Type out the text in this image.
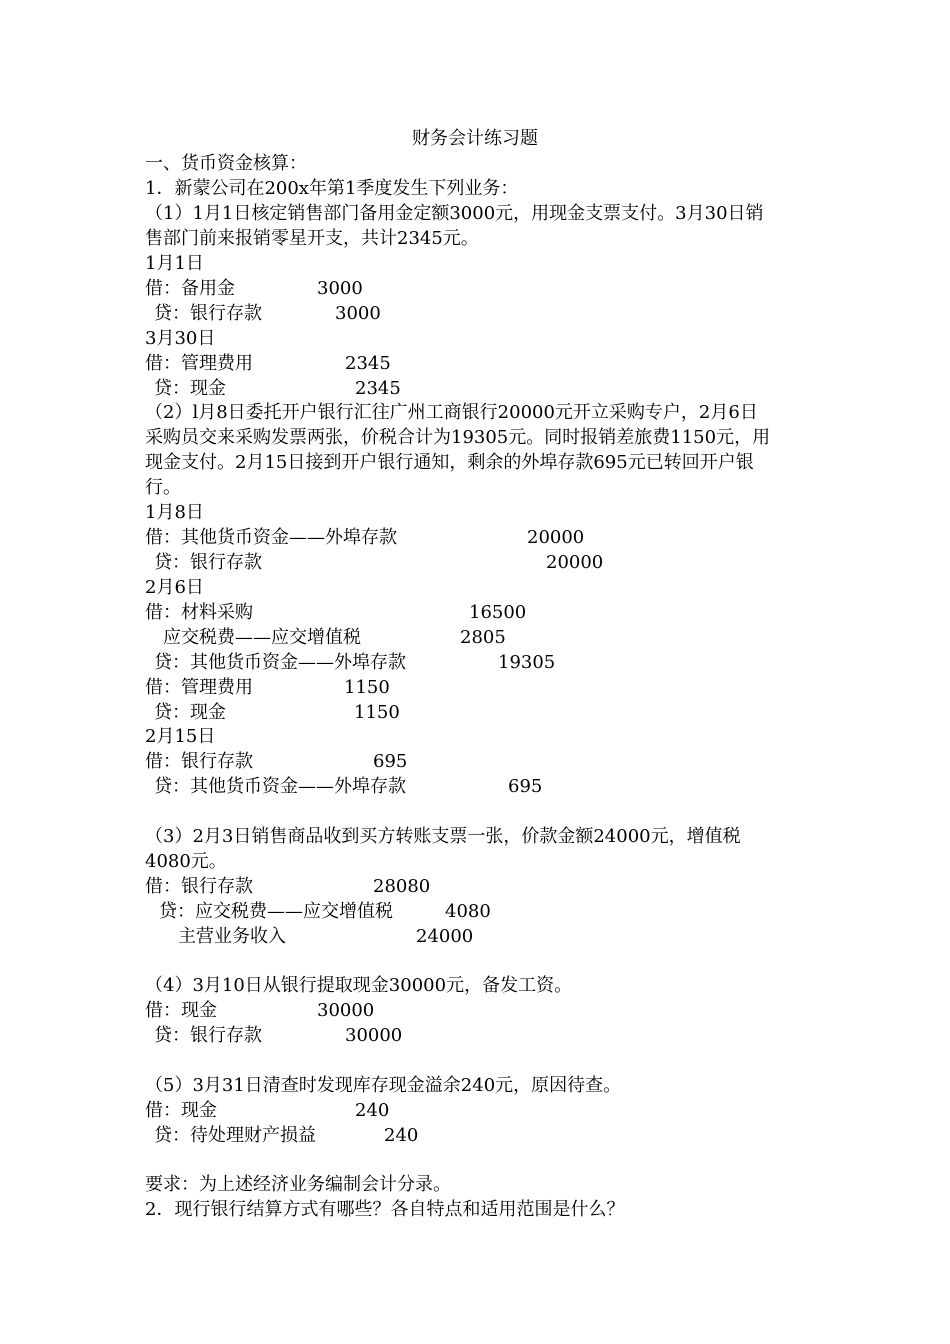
财务会计练习题
一、货币资金核算：
1．新蒙公司在200x年第1季度发生下列业务：
（1）1月1日核定销售部门备用金定额3000元，用现金支票支付。3月30日销
售部门前来报销零星开支，共计2345元。
1月1日
借：备用金	3000
贷：银行存款	3000
3月30日
借：管理费用	2345
贷：现金	2345
（2）l月8日委托开户银行汇往广州工商银行20000元开立采购专户，2月6日
采购员交来采购发票两张，价税合计为19305元。同时报销差旅费1150元，用
现金支付。2月15日接到开户银行通知，剩余的外埠存款695元已转回开户银
行。
1月8日
借：其他货币资金——外埠存款	20000
贷：银行存款	20000
2月6日
借：材料采购	16500
应交税费——应交增值税	2805
贷：其他货币资金——外埠存款	19305
借：管理费用	1150
贷：现金	1150
2月15日
借：银行存款	695
贷：其他货币资金——外埠存款	695
（3）2月3日销售商品收到买方转账支票一张，价款金额24000元，增值税
4080元。
借：银行存款	28080
贷：应交税费——应交增值税	4080
主营业务收入	24000
（4）3月10日从银行提取现金30000元，备发工资。
借：现金	30000
贷：银行存款	30000
（5）3月31日清查时发现库存现金溢余240元，原因待查。
借：现金	240
贷：待处理财产损益	240
要求：为上述经济业务编制会计分录。
2．现行银行结算方式有哪些？各自特点和适用范围是什么？
